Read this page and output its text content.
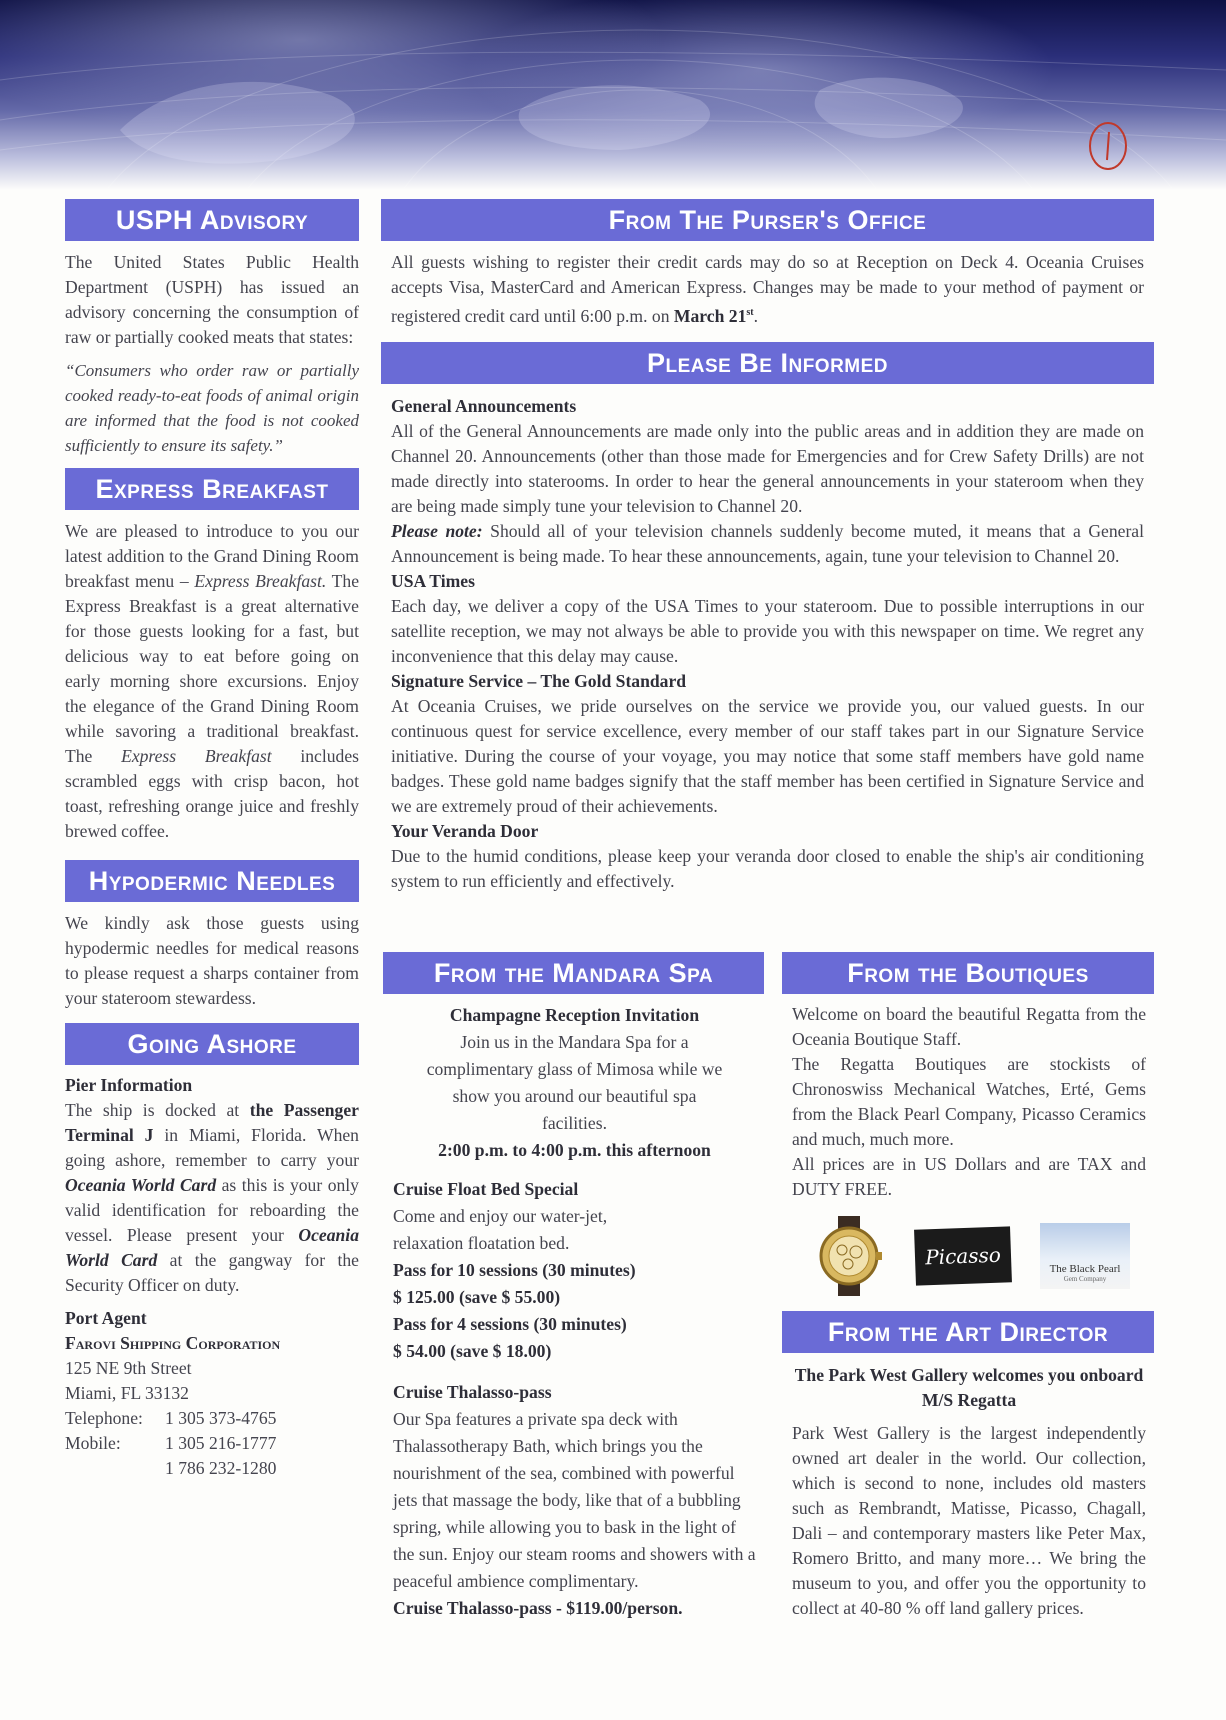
USPH Advisory

The United States Public Health Department (USPH) has issued an advisory concerning the consumption of raw or partially cooked meats that states:

“Consumers who order raw or partially cooked ready-to-eat foods of animal origin are informed that the food is not cooked sufficiently to ensure its safety.”

Express Breakfast

We are pleased to introduce to you our latest addition to the Grand Dining Room breakfast menu – Express Breakfast. The Express Breakfast is a great alternative for those guests looking for a fast, but delicious way to eat before going on early morning shore excursions. Enjoy the elegance of the Grand Dining Room while savoring a traditional breakfast. The Express Breakfast includes scrambled eggs with crisp bacon, hot toast, refreshing orange juice and freshly brewed coffee.

Hypodermic Needles

We kindly ask those guests using hypodermic needles for medical reasons to please request a sharps container from your stateroom stewardess.

Going Ashore

Pier Information

The ship is docked at the Passenger Terminal J in Miami, Florida. When going ashore, remember to carry your Oceania World Card as this is your only valid identification for reboarding the vessel. Please present your Oceania World Card at the gangway for the Security Officer on duty.

Port Agent

Farovi Shipping Corporation

125 NE 9th Street

Miami, FL 33132

Telephone:	1 305 373-4765
Mobile:	1 305 216-1777
	1 786 232-1280
From The Purser's Office

All guests wishing to register their credit cards may do so at Reception on Deck 4. Oceania Cruises accepts Visa, MasterCard and American Express. Changes may be made to your method of payment or registered credit card until 6:00 p.m. on March 21st.

Please Be Informed

General Announcements

All of the General Announcements are made only into the public areas and in addition they are made on Channel 20. Announcements (other than those made for Emergencies and for Crew Safety Drills) are not made directly into staterooms. In order to hear the general announcements in your stateroom when they are being made simply tune your television to Channel 20.

Please note: Should all of your television channels suddenly become muted, it means that a General Announcement is being made. To hear these announcements, again, tune your television to Channel 20.

USA Times

Each day, we deliver a copy of the USA Times to your stateroom. Due to possible interruptions in our satellite reception, we may not always be able to provide you with this newspaper on time. We regret any inconvenience that this delay may cause.

Signature Service – The Gold Standard

At Oceania Cruises, we pride ourselves on the service we provide you, our valued guests. In our continuous quest for service excellence, every member of our staff takes part in our Signature Service initiative. During the course of your voyage, you may notice that some staff members have gold name badges. These gold name badges signify that the staff member has been certified in Signature Service and we are extremely proud of their achievements.

Your Veranda Door

Due to the humid conditions, please keep your veranda door closed to enable the ship's air conditioning system to run efficiently and effectively.

From the Mandara Spa

Champagne Reception Invitation

Join us in the Mandara Spa for a complimentary glass of Mimosa while we show you around our beautiful spa facilities.

2:00 p.m. to 4:00 p.m. this afternoon

Cruise Float Bed Special

Come and enjoy our water-jet, relaxation floatation bed.

Pass for 10 sessions (30 minutes)

$ 125.00 (save $ 55.00)

Pass for 4 sessions (30 minutes)

$ 54.00 (save $ 18.00)

Cruise Thalasso-pass

Our Spa features a private spa deck with Thalassotherapy Bath, which brings you the nourishment of the sea, combined with powerful jets that massage the body, like that of a bubbling spring, while allowing you to bask in the light of the sun. Enjoy our steam rooms and showers with a peaceful ambience complimentary.

Cruise Thalasso-pass - $119.00/person.

From the Boutiques

Welcome on board the beautiful Regatta from the Oceania Boutique Staff.

The Regatta Boutiques are stockists of Chronoswiss Mechanical Watches, Erté, Gems from the Black Pearl Company, Picasso Ceramics and much, much more.

All prices are in US Dollars and are TAX and DUTY FREE.

Picasso	The Black Pearl
Gem Company
From the Art Director

The Park West Gallery welcomes you onboard M/S Regatta

Park West Gallery is the largest independently owned art dealer in the world. Our collection, which is second to none, includes old masters such as Rembrandt, Matisse, Picasso, Chagall, Dali – and contemporary masters like Peter Max, Romero Britto, and many more… We bring the museum to you, and offer you the opportunity to collect at 40-80 % off land gallery prices.
